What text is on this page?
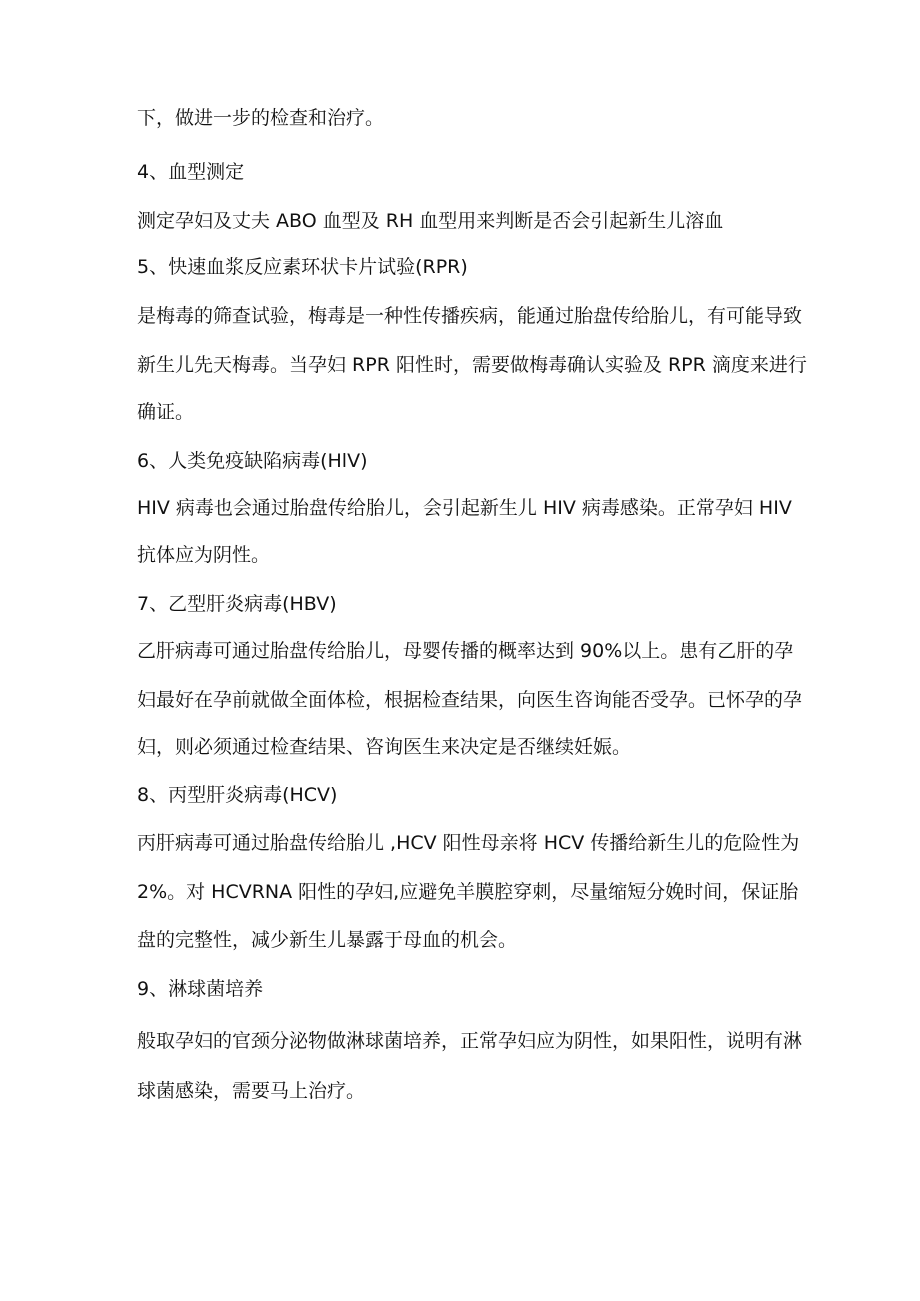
下，做进一步的检查和治疗。
4、血型测定
测定孕妇及丈夫 ABO 血型及 RH 血型用来判断是否会引起新生儿溶血
5、快速血浆反应素环状卡片试验(RPR)
是梅毒的筛查试验，梅毒是一种性传播疾病，能通过胎盘传给胎儿，有可能导致
新生儿先天梅毒。当孕妇 RPR 阳性时，需要做梅毒确认实验及 RPR 滴度来进行
确证。
6、人类免疫缺陷病毒(HlV)
HIV 病毒也会通过胎盘传给胎儿，会引起新生儿 HIV 病毒感染。正常孕妇 HIV
抗体应为阴性。
7、乙型肝炎病毒(HBV)
乙肝病毒可通过胎盘传给胎儿，母婴传播的概率达到 90%以上。患有乙肝的孕
妇最好在孕前就做全面体检，根据检查结果，向医生咨询能否受孕。已怀孕的孕
妇，则必须通过检查结果、咨询医生来决定是否继续妊娠。
8、丙型肝炎病毒(HCV)
丙肝病毒可通过胎盘传给胎儿 ,HCV 阳性母亲将 HCV 传播给新生儿的危险性为
2%。对 HCVRNA 阳性的孕妇,应避免羊膜腔穿刺，尽量缩短分娩时间，保证胎
盘的完整性，减少新生儿暴露于母血的机会。
9、淋球菌培养
般取孕妇的官颈分泌物做淋球菌培养，正常孕妇应为阴性，如果阳性，说明有淋
球菌感染，需要马上治疗。
